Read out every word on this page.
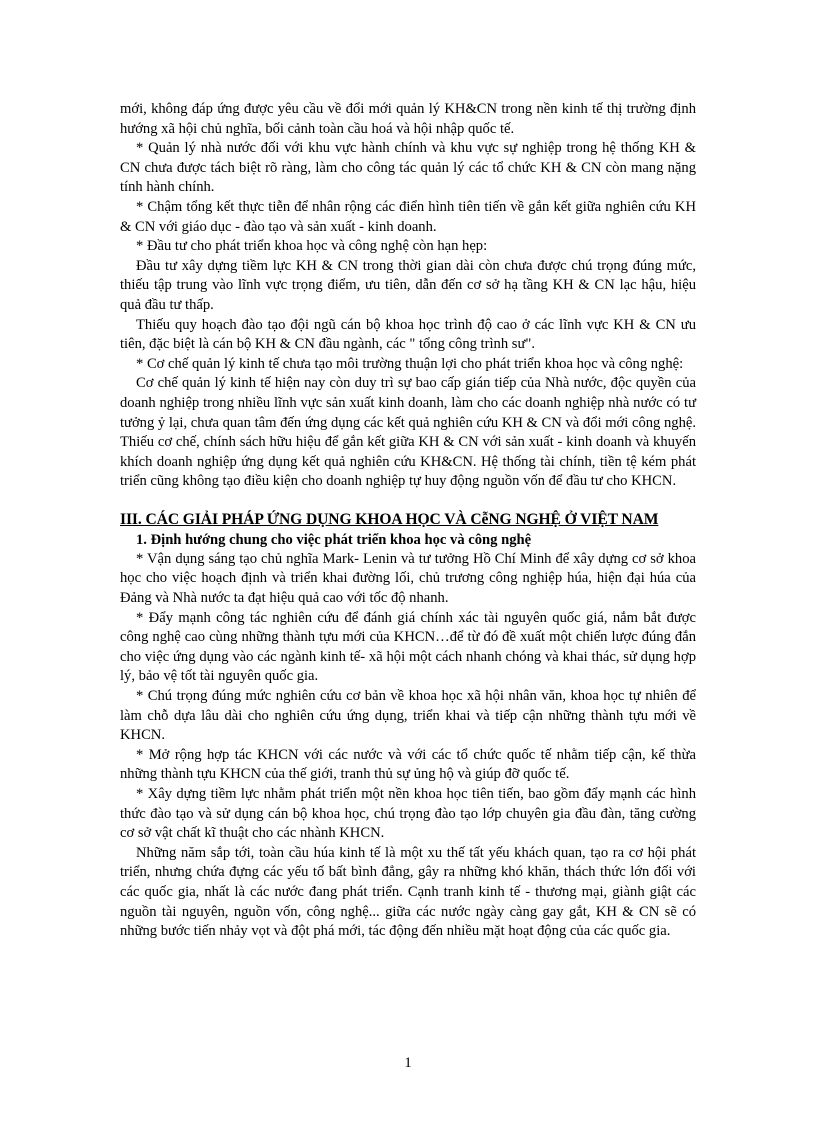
mới, không đáp ứng được yêu cầu về đổi mới quản lý KH&CN trong nền kinh tế thị trường định hướng xã hội chủ nghĩa, bối cảnh toàn cầu hoá và hội nhập quốc tế.

* Quản lý nhà nước đối với khu vực hành chính và khu vực sự nghiệp trong hệ thống KH & CN chưa được tách biệt rõ ràng, làm cho công tác quản lý các tổ chức KH & CN còn mang nặng tính hành chính.

* Chậm tổng kết thực tiễn để nhân rộng các điển hình tiên tiến về gắn kết giữa nghiên cứu KH & CN với giáo dục - đào tạo và sản xuất - kinh doanh.

* Đầu tư cho phát triển khoa học và công nghệ còn hạn hẹp:

Đầu tư xây dựng tiềm lực KH & CN trong thời gian dài còn chưa được chú trọng đúng mức, thiếu tập trung vào lĩnh vực trọng điểm, ưu tiên, dẫn đến cơ sở hạ tầng KH & CN lạc hậu, hiệu quả đầu tư thấp.

Thiếu quy hoạch đào tạo đội ngũ cán bộ khoa học trình độ cao ở các lĩnh vực KH & CN ưu tiên, đặc biệt là cán bộ KH & CN đầu ngành, các " tổng công trình sư".

* Cơ chế quản lý kinh tế chưa tạo môi trường thuận lợi cho phát triển khoa học và công nghệ:

Cơ chế quản lý kinh tế hiện nay còn duy trì sự bao cấp gián tiếp của Nhà nước, độc quyền của doanh nghiệp trong nhiều lĩnh vực sản xuất kinh doanh, làm cho các doanh nghiệp nhà nước có tư tưởng ỷ lại, chưa quan tâm đến ứng dụng các kết quả nghiên cứu KH & CN và đổi mới công nghệ. Thiếu cơ chế, chính sách hữu hiệu để gắn kết giữa KH & CN với sản xuất - kinh doanh và khuyến khích doanh nghiệp ứng dụng kết quả nghiên cứu KH&CN. Hệ thống tài chính, tiền tệ kém phát triển cũng không tạo điều kiện cho doanh nghiệp tự huy động nguồn vốn để đầu tư cho KHCN.

III. CÁC GIẢI PHÁP ỨNG DỤNG KHOA HỌC VÀ CễNG NGHỆ Ở VIỆT NAM
1. Định hướng chung cho việc phát triển khoa học và công nghệ

* Vận dụng sáng tạo chủ nghĩa Mark- Lenin và tư tưởng Hồ Chí Minh để xây dựng cơ sở khoa học cho việc hoạch định và triển khai đường lối, chủ trương công nghiệp húa, hiện đại húa của Đảng và Nhà nước ta đạt hiệu quả cao với tốc độ nhanh.

* Đẩy mạnh công tác nghiên cứu để đánh giá chính xác tài nguyên quốc giá, nắm bắt được công nghệ cao cùng những thành tựu mới của KHCN…để từ đó đề xuất một chiến lược đúng đắn cho việc ứng dụng vào các ngành kinh tế- xã hội một cách nhanh chóng và khai thác, sử dụng hợp lý, bảo vệ tốt tài nguyên quốc gia.

* Chú trọng đúng mức nghiên cứu cơ bản về khoa học xã hội nhân văn, khoa học tự nhiên để làm chỗ dựa lâu dài cho nghiên cứu ứng dụng, triển khai và tiếp cận những thành tựu mới về KHCN.

* Mở rộng hợp tác KHCN với các nước và với các tổ chức quốc tế nhằm tiếp cận, kế thừa những thành tựu KHCN của thế giới, tranh thủ sự ủng hộ và giúp đỡ quốc tế.

* Xây dựng tiềm lực nhằm phát triển một nền khoa học tiên tiến, bao gồm đẩy mạnh các hình thức đào tạo và sử dụng cán bộ khoa học, chú trọng đào tạo lớp chuyên gia đầu đàn, tăng cường cơ sở vật chất kĩ thuật cho các nhành KHCN.

Những năm sắp tới, toàn cầu húa kinh tế là một xu thế tất yếu khách quan, tạo ra cơ hội phát triển, nhưng chứa đựng các yếu tố bất bình đẳng, gây ra những khó khăn, thách thức lớn đối với các quốc gia, nhất là các nước đang phát triển. Cạnh tranh kinh tế - thương mại, giành giật các nguồn tài nguyên, nguồn vốn, công nghệ... giữa các nước ngày càng gay gắt, KH & CN sẽ có những bước tiến nhảy vọt và đột phá mới, tác động đến nhiều mặt hoạt động của các quốc gia.

1
